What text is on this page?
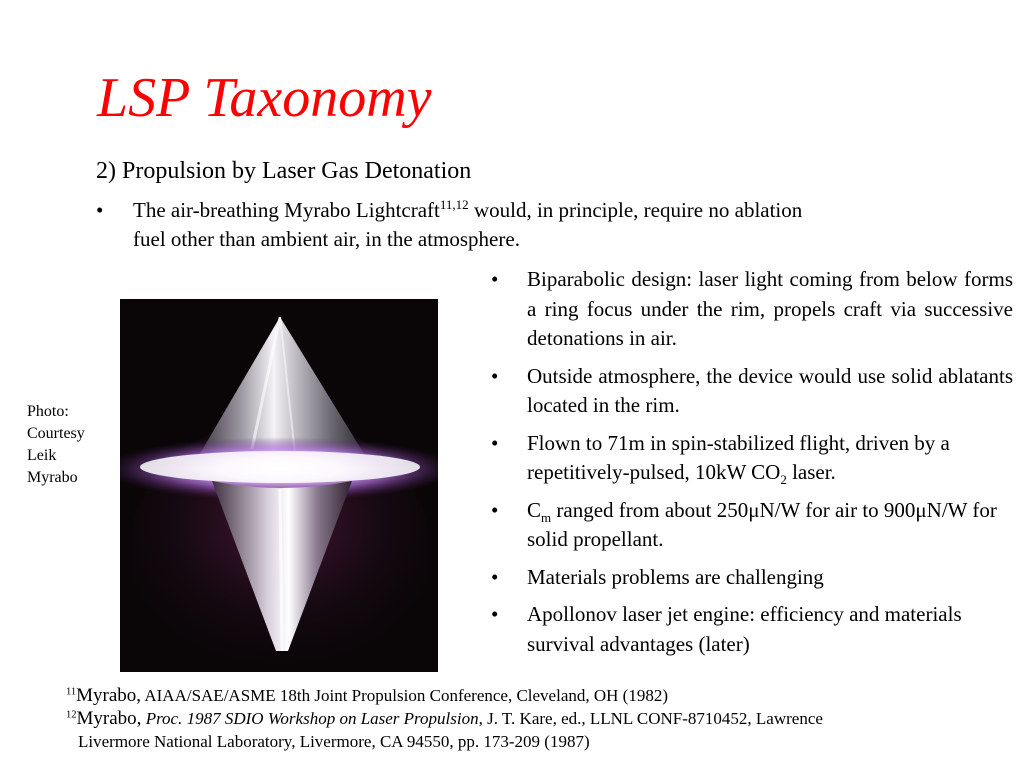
LSP Taxonomy
2) Propulsion by Laser Gas Detonation
• The air-breathing Myrabo Lightcraft$^{11,12}$ would, in principle, require no ablation
fuel other than ambient air, in the atmosphere.
Photo:
Courtesy
Leik
Myrabo
• Biparabolic design: laser light coming from below forms a ring focus under the rim, propels craft via successive detonations in air.
• Outside atmosphere, the device would use solid ablatants located in the rim.
• Flown to 71m in spin-stabilized flight, driven by a repetitively-pulsed, 10kW $CO_2$ laser.
• $C_m$ ranged from about 250μN/W for air to 900μN/W for solid propellant.
• Materials problems are challenging
• Apollonov laser jet engine: efficiency and materials survival advantages (later)
$^{11}$Myrabo, AIAA/SAE/ASME 18th Joint Propulsion Conference, Cleveland, OH (1982)
$^{12}$Myrabo, Proc. 1987 SDIO Workshop on Laser Propulsion, J. T. Kare, ed., LLNL CONF-8710452, Lawrence
Livermore National Laboratory, Livermore, CA 94550, pp. 173-209 (1987)
